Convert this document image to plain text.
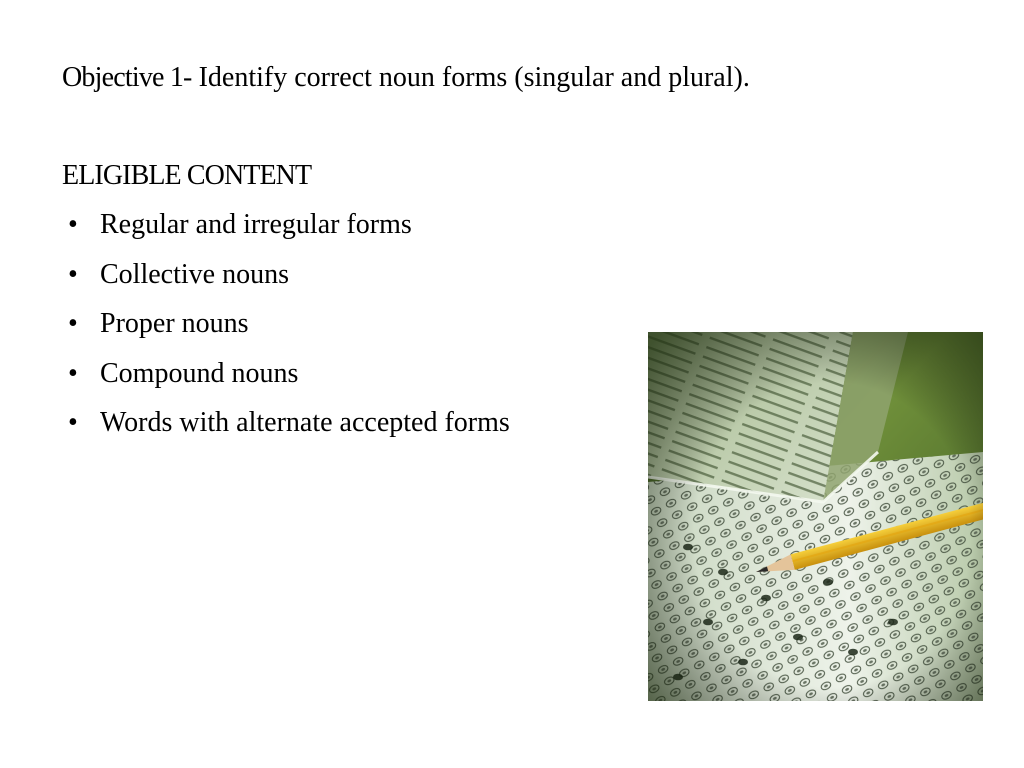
Objective 1- Identify correct noun forms (singular and plural).
ELIGIBLE CONTENT
• Regular and irregular forms
• Collective nouns
• Proper nouns
• Compound nouns
• Words with alternate accepted forms
